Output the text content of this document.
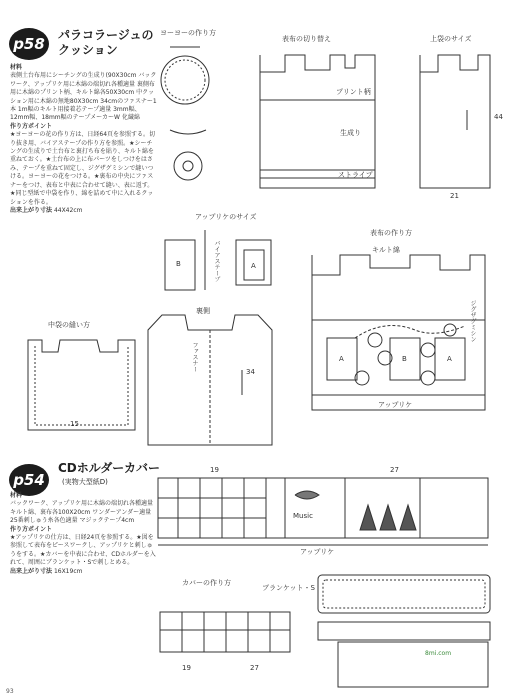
p58	パラコラージュの
クッション
材料
表側土台布用にシーチングの生成り(90X30cm バックワーク、アップリケ用に木綿の端切れ各種適量 裏側布用に木綿のプリント柄、キルト綿各50X30cm 中クッション用に木綿の無地80X30cm 34cmのファスナー1本 1m幅のキルト用接着芯テープ適量 3mm幅、12mm幅、18mm幅のテープメーカーW 化繊綿
作り方ポイント
★ヨーヨーの花の作り方は、日経64頁を参照する。切り抜き用、バイアステープの作り方を参照。★シーチングの生成りで土台布と裏打ち布を貼り、キルト綿を重ねておく。★土台布の上に布パーツをしつけをはさみ、テープを重ねて固定し、ジグザグミシンで縫いつける。ヨーヨーの花をつける。★裏布の中央にファスナーをつけ、表布と中表に合わせて縫い、表に返す。★同じ型紙で中袋を作り、綿を詰めて中に入れるクッションを作る。
出来上がり寸法 44X42cm
ヨーヨーの作り方
表布の切り替え	上袋のサイズ
プリント柄
生成り
ストライプ
21
44
アップリケのサイズ
B	A
バイアステープ
裏側
ファスナー	34
表布の作り方
キルト綿
ジグザグミシン
A	B	A
アップリケ
中袋の縫い方
15
p54
CDホルダーカバー
(実物大型紙D)
材料
バックワーク、アップリケ用に木綿の端切れ各種適量 キルト綿、裏布各100X20cm ワンダーアンダー適量 25番刺しゅう糸各色適量 マジックテープ4cm
作り方ポイント
★アップリケの仕方は、日経24頁を参照する。★図を参照して表布をピースワークし、アップリケと刺しゅうをする。★カバーを中表に合わせ、CDホルダーを入れて、周囲にブランケット・Sで刺しとめる。
出来上がり寸法 16X19cm
19	27
Music
アップリケ
カバーの作り方
ブランケット・S
19	27
8mi.com
93
